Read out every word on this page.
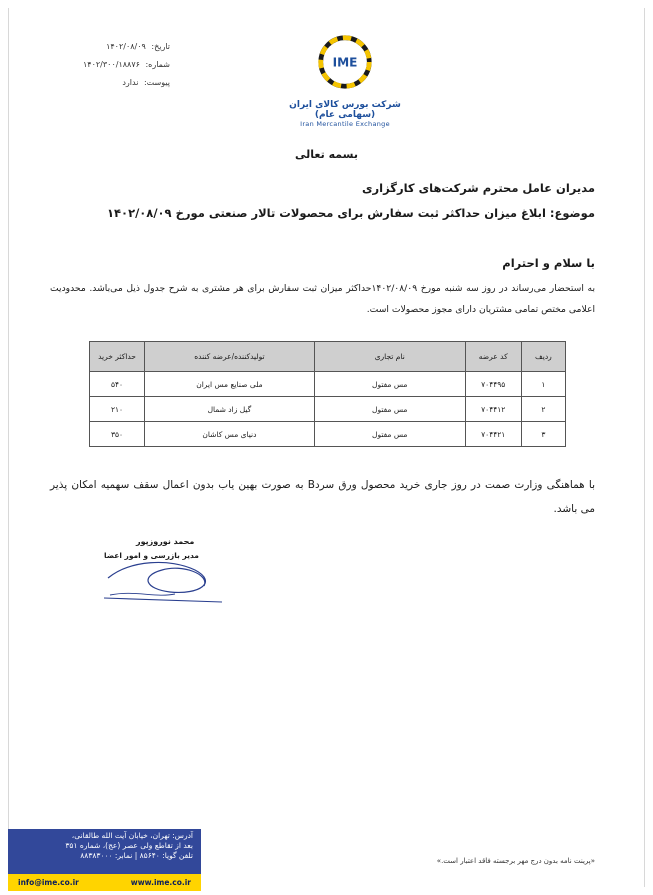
تاریخ: ۱۴۰۲/۰۸/۰۹
شماره: ۱۴۰۲/۳۰۰/۱۸۸۷۶
پیوست: ندارد
IME
شرکت بورس کالای ایران (سهامی عام)
Iran Mercantile Exchange
بسمه تعالی
مدیران عامل محترم شرکت‌های کارگزاری
موضوع: ابلاغ میزان حداکثر ثبت سفارش برای محصولات تالار صنعتی مورخ ۱۴۰۲/۰۸/۰۹
با سلام و احترام
به استحضار می‌رساند در روز سه شنبه مورخ ۱۴۰۲/۰۸/۰۹حداکثر میزان ثبت سفارش برای هر مشتری به شرح جدول ذیل می‌باشد. محدودیت اعلامی مختص تمامی مشتریان دارای مجوز محصولات است.
ردیف	کد عرضه	نام تجاری	تولیدکننده/عرضه کننده	حداکثر خرید
۱	۷۰۴۴۹۵	مس مفتول	ملی صنایع مس ایران	۵۴۰
۲	۷۰۴۴۱۲	مس مفتول	گیل زاد شمال	۲۱۰
۳	۷۰۴۴۲۱	مس مفتول	دنیای مس کاشان	۳۵۰
با هماهنگی وزارت صمت در روز جاری خرید محصول ورق سردB به صورت بهین یاب بدون اعمال سقف سهمیه امکان پذیر می باشد.
محمد نوروزپور
مدیر بازرسی و امور اعضا
آدرس: تهران، خیابان آیت الله طالقانی،
بعد از تقاطع ولی عصر (عج)، شماره ۳۵۱
تلفن گویا: ۸۵۶۴۰ | نمابر: ۸۸۳۸۳۰۰۰
info@ime.co.ir	www.ime.co.ir
«پرینت نامه بدون درج مهر برجسته فاقد اعتبار است.»
